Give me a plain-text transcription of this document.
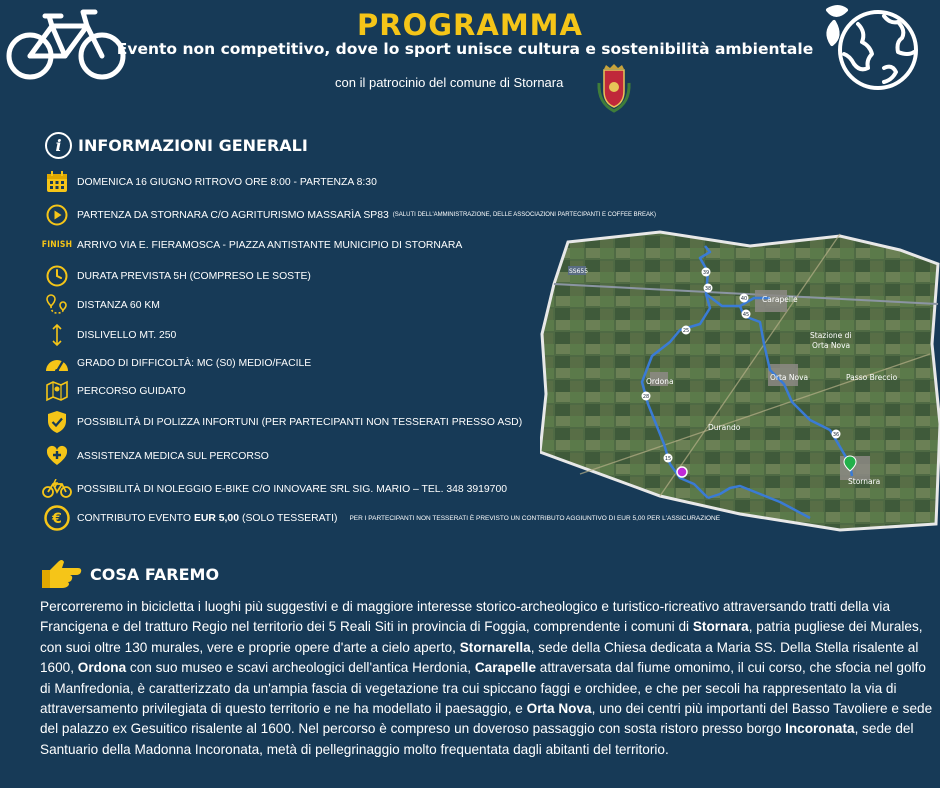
PROGRAMMA
Evento non competitivo, dove lo sport unisce cultura e sostenibilità ambientale
con il patrocinio del comune di Stornara
i	INFORMAZIONI GENERALI
DOMENICA 16 GIUGNO RITROVO ORE 8:00 - PARTENZA 8:30
PARTENZA DA STORNARA C/O AGRITURISMO MASSARÌA SP83 (SALUTI DELL'AMMINISTRAZIONE, DELLE ASSOCIAZIONI PARTECIPANTI E COFFEE BREAK)
FINISH ARRIVO VIA E. FIERAMOSCA - PIAZZA ANTISTANTE MUNICIPIO DI STORNARA
DURATA PREVISTA 5H (COMPRESO LE SOSTE)
DISTANZA 60 KM
DISLIVELLO MT. 250
GRADO DI DIFFICOLTÀ: MC (S0) MEDIO/FACILE
PERCORSO GUIDATO
POSSIBILITÀ DI POLIZZA INFORTUNI (PER PARTECIPANTI NON TESSERATI PRESSO ASD)
ASSISTENZA MEDICA SUL PERCORSO
POSSIBILITÀ DI NOLEGGIO E-BIKE C/O INNOVARE SRL SIG. MARIO – TEL. 348 3919700
€ CONTRIBUTO EVENTO EUR 5,00 (SOLO TESSERATI) PER I PARTECIPANTI NON TESSERATI È PREVISTO UN CONTRIBUTO AGGIUNTIVO DI EUR 5,00 PER L'ASSICURAZIONE
SS655
Carapelle
Stazione di
Orta Nova
Orta Nova	Passo Breccio
Ordona
Durando
Stornara
39
38
40
45
25
28
15
36
COSA FAREMO
Percorreremo in bicicletta i luoghi più suggestivi e di maggiore interesse storico-archeologico e turistico-ricreativo attraversando tratti della via Francigena e del tratturo Regio nel territorio dei 5 Reali Siti in provincia di Foggia, comprendente i comuni di Stornara, patria pugliese dei Murales, con suoi oltre 130 murales, vere e proprie opere d'arte a cielo aperto, Stornarella, sede della Chiesa dedicata a Maria SS. Della Stella risalente al 1600, Ordona con suo museo e scavi archeologici dell'antica Herdonia, Carapelle attraversata dal fiume omonimo, il cui corso, che sfocia nel golfo di Manfredonia, è caratterizzato da un'ampia fascia di vegetazione tra cui spiccano faggi e orchidee, e che per secoli ha rappresentato la via di attraversamento privilegiata di questo territorio e ne ha modellato il paesaggio, e Orta Nova, uno dei centri più importanti del Basso Tavoliere e sede del palazzo ex Gesuitico risalente al 1600. Nel percorso è compreso un doveroso passaggio con sosta ristoro presso borgo Incoronata, sede del Santuario della Madonna Incoronata, metà di pellegrinaggio molto frequentata dagli abitanti del territorio.
